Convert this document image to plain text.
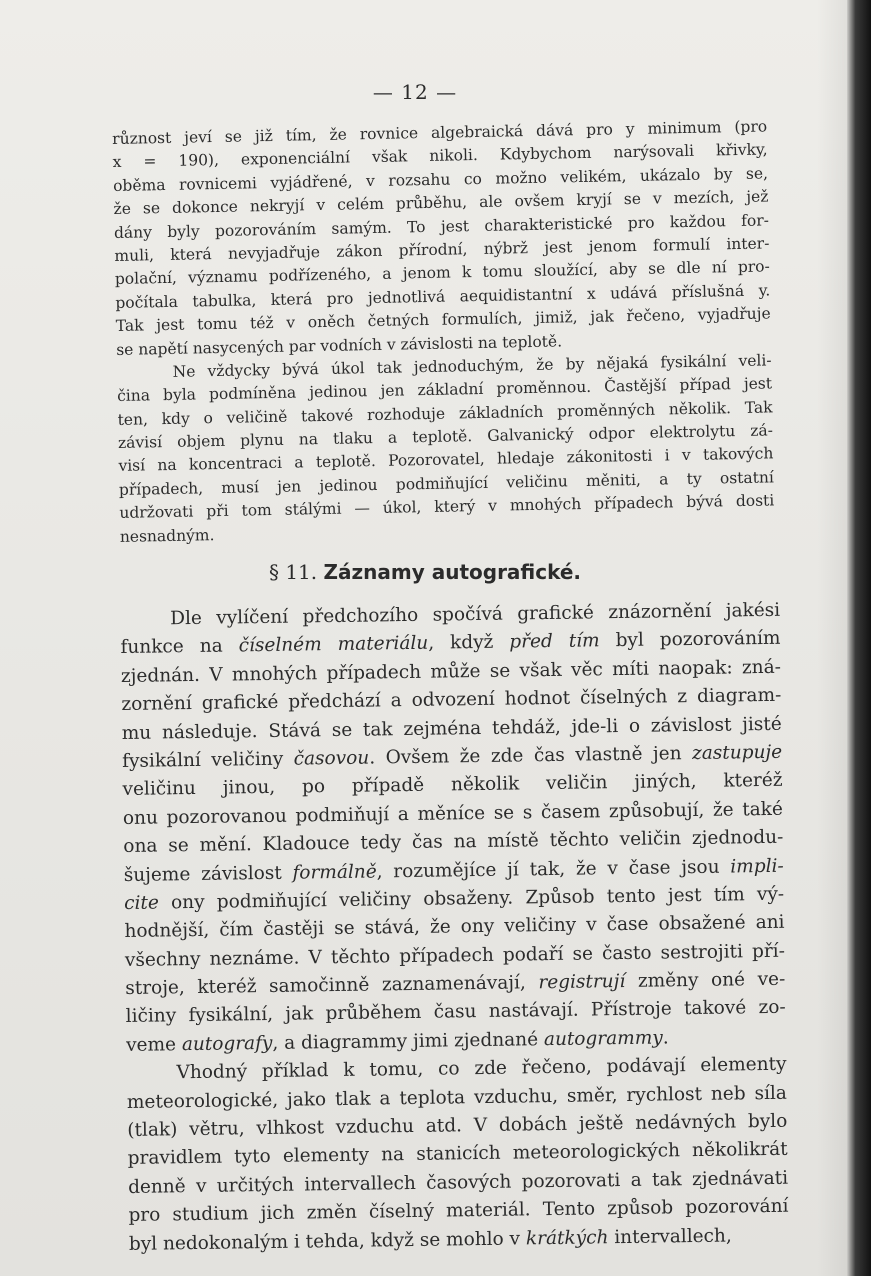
— 12 —
různost jeví se již tím, že rovnice algebraická dává pro y minimum (pro
x = 190), exponenciální však nikoli. Kdybychom narýsovali křivky,
oběma rovnicemi vyjádřené, v rozsahu co možno velikém, ukázalo by se,
že se dokonce nekryjí v celém průběhu, ale ovšem kryjí se v mezích, jež
dány byly pozorováním samým. To jest charakteristické pro každou for-
muli, která nevyjadřuje zákon přírodní, nýbrž jest jenom formulí inter-
polační, významu podřízeného, a jenom k tomu sloužící, aby se dle ní pro-
počítala tabulka, která pro jednotlivá aequidistantní x udává příslušná y.
Tak jest tomu též v oněch četných formulích, jimiž, jak řečeno, vyjadřuje
se napětí nasycených par vodních v závislosti na teplotě.
Ne vždycky bývá úkol tak jednoduchým, že by nějaká fysikální veli-
čina byla podmíněna jedinou jen základní proměnnou. Častější případ jest
ten, kdy o veličině takové rozhoduje základních proměnných několik. Tak
závisí objem plynu na tlaku a teplotě. Galvanický odpor elektrolytu zá-
visí na koncentraci a teplotě. Pozorovatel, hledaje zákonitosti i v takových
případech, musí jen jedinou podmiňující veličinu měniti, a ty ostatní
udržovati při tom stálými — úkol, který v mnohých případech bývá dosti
nesnadným.
§ 11. Záznamy autografické.
Dle vylíčení předchozího spočívá grafické znázornění jakési
funkce na číselném materiálu, když před tím byl pozorováním
zjednán. V mnohých případech může se však věc míti naopak: zná-
zornění grafické předchází a odvození hodnot číselných z diagram-
mu následuje. Stává se tak zejména tehdáž, jde-li o závislost jisté
fysikální veličiny časovou. Ovšem že zde čas vlastně jen zastupuje
veličinu jinou, po případě několik veličin jiných, kteréž
onu pozorovanou podmiňují a měníce se s časem způsobují, že také
ona se mění. Kladouce tedy čas na místě těchto veličin zjednodu-
šujeme závislost formálně, rozumějíce jí tak, že v čase jsou impli-
cite ony podmiňující veličiny obsaženy. Způsob tento jest tím vý-
hodnější, čím častěji se stává, že ony veličiny v čase obsažené ani
všechny neznáme. V těchto případech podaří se často sestrojiti pří-
stroje, kteréž samočinně zaznamenávají, registrují změny oné ve-
ličiny fysikální, jak průběhem času nastávají. Přístroje takové zo-
veme autografy, a diagrammy jimi zjednané autogrammy.
Vhodný příklad k tomu, co zde řečeno, podávají elementy
meteorologické, jako tlak a teplota vzduchu, směr, rychlost neb síla
(tlak) větru, vlhkost vzduchu atd. V dobách ještě nedávných bylo
pravidlem tyto elementy na stanicích meteorologických několikrát
denně v určitých intervallech časových pozorovati a tak zjednávati
pro studium jich změn číselný materiál. Tento způsob pozorování
byl nedokonalým i tehda, když se mohlo v krátkých intervallech,
